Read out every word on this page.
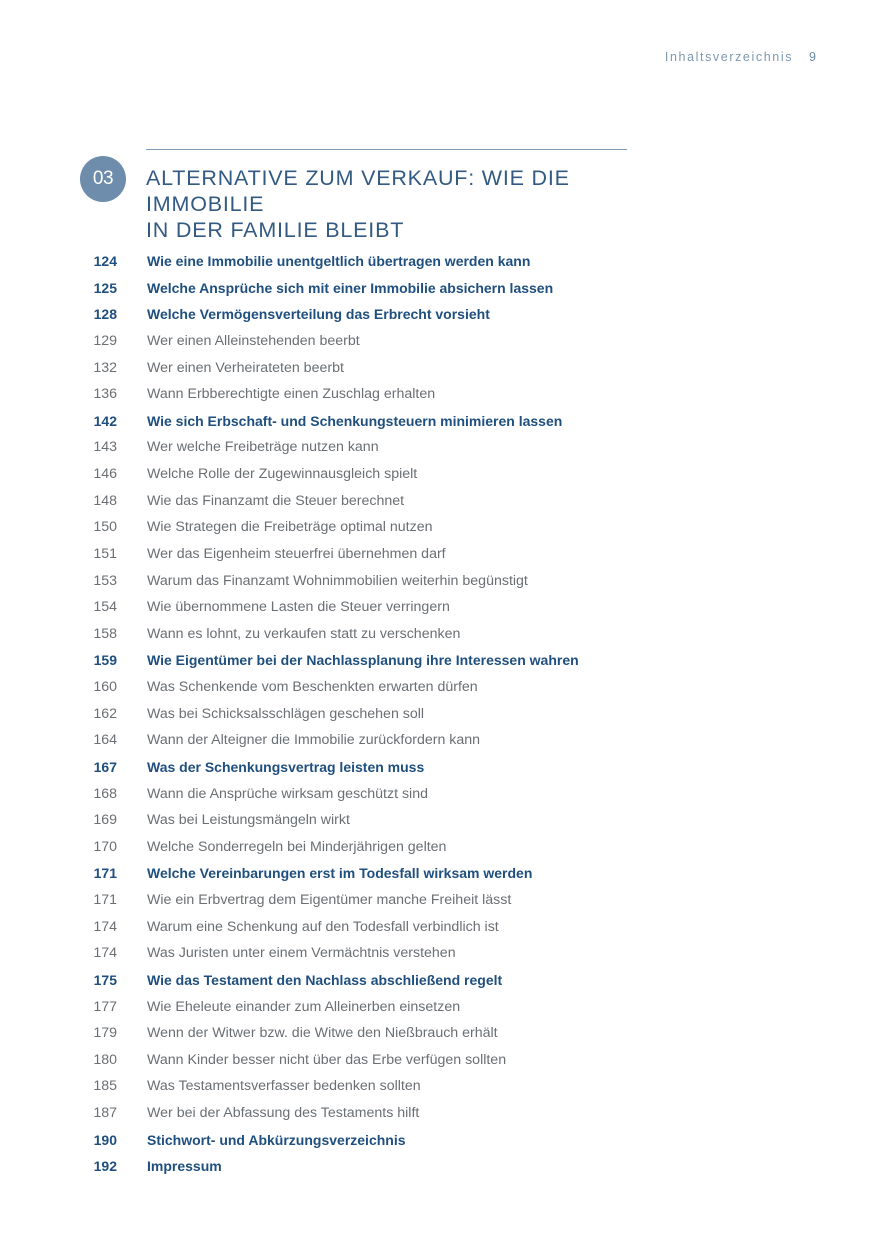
Inhaltsverzeichnis 9
03	ALTERNATIVE ZUM VERKAUF: WIE DIE IMMOBILIE
IN DER FAMILIE BLEIBT
124 Wie eine Immobilie unentgeltlich übertragen werden kann
125 Welche Ansprüche sich mit einer Immobilie absichern lassen
128 Welche Vermögensverteilung das Erbrecht vorsieht
129 Wer einen Alleinstehenden beerbt
132 Wer einen Verheirateten beerbt
136 Wann Erbberechtigte einen Zuschlag erhalten
142 Wie sich Erbschaft- und Schenkungsteuern minimieren lassen
143 Wer welche Freibeträge nutzen kann
146 Welche Rolle der Zugewinnausgleich spielt
148 Wie das Finanzamt die Steuer berechnet
150 Wie Strategen die Freibeträge optimal nutzen
151 Wer das Eigenheim steuerfrei übernehmen darf
153 Warum das Finanzamt Wohnimmobilien weiterhin begünstigt
154 Wie übernommene Lasten die Steuer verringern
158 Wann es lohnt, zu verkaufen statt zu verschenken
159 Wie Eigentümer bei der Nachlassplanung ihre Interessen wahren
160 Was Schenkende vom Beschenkten erwarten dürfen
162 Was bei Schicksalsschlägen geschehen soll
164 Wann der Alteigner die Immobilie zurückfordern kann
167 Was der Schenkungsvertrag leisten muss
168 Wann die Ansprüche wirksam geschützt sind
169 Was bei Leistungsmängeln wirkt
170 Welche Sonderregeln bei Minderjährigen gelten
171 Welche Vereinbarungen erst im Todesfall wirksam werden
171 Wie ein Erbvertrag dem Eigentümer manche Freiheit lässt
174 Warum eine Schenkung auf den Todesfall verbindlich ist
174 Was Juristen unter einem Vermächtnis verstehen
175 Wie das Testament den Nachlass abschließend regelt
177 Wie Eheleute einander zum Alleinerben einsetzen
179 Wenn der Witwer bzw. die Witwe den Nießbrauch erhält
180 Wann Kinder besser nicht über das Erbe verfügen sollten
185 Was Testamentsverfasser bedenken sollten
187 Wer bei der Abfassung des Testaments hilft
190 Stichwort- und Abkürzungsverzeichnis
192 Impressum
